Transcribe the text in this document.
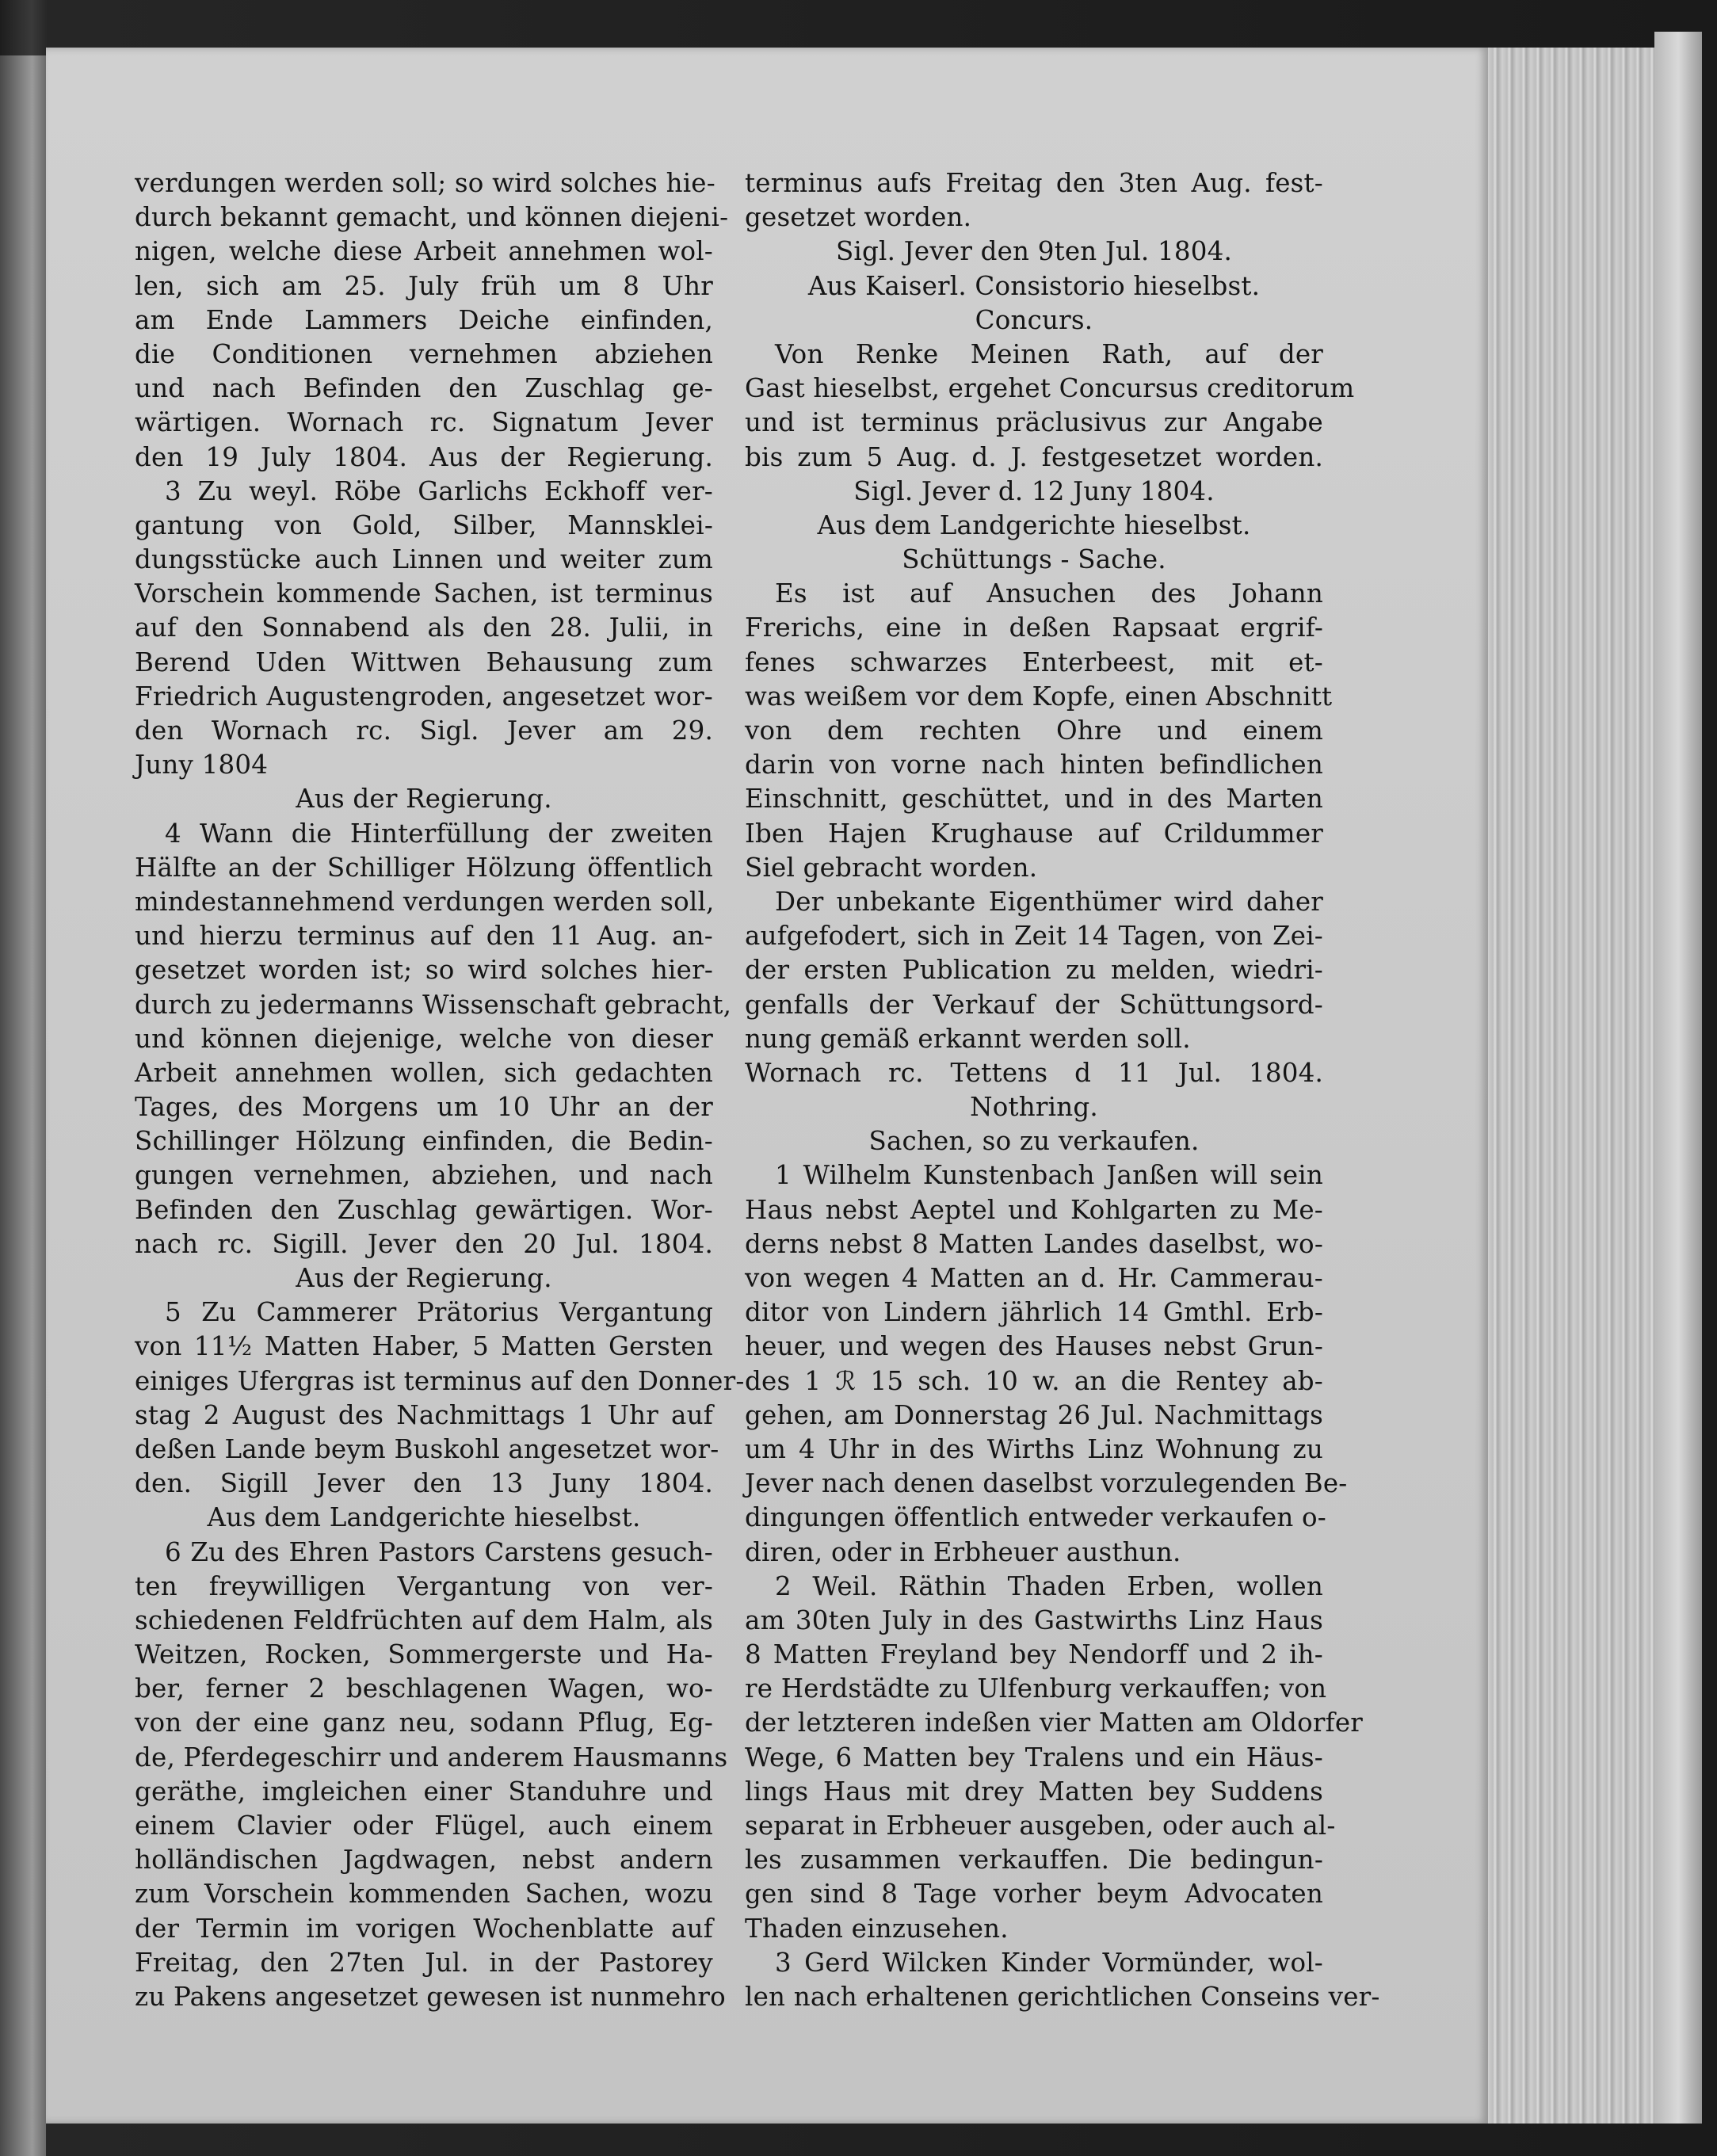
verdungen werden soll; so wird solches hie-
durch bekannt gemacht, und können diejeni-
nigen, welche diese Arbeit annehmen wol-
len, sich am 25. July früh um 8 Uhr
am Ende Lammers Deiche einfinden,
die Conditionen vernehmen abziehen
und nach Befinden den Zuschlag ge-
wärtigen. Wornach rc. Signatum Jever
den 19 July 1804. Aus der Regierung.
3 Zu weyl. Röbe Garlichs Eckhoff ver-
gantung von Gold, Silber, Mannsklei-
dungsstücke auch Linnen und weiter zum
Vorschein kommende Sachen, ist terminus
auf den Sonnabend als den 28. Julii, in
Berend Uden Wittwen Behausung zum
Friedrich Augustengroden, angesetzet wor-
den Wornach rc. Sigl. Jever am 29.
Juny 1804
Aus der Regierung.
4 Wann die Hinterfüllung der zweiten
Hälfte an der Schilliger Hölzung öffentlich
mindestannehmend verdungen werden soll,
und hierzu terminus auf den 11 Aug. an-
gesetzet worden ist; so wird solches hier-
durch zu jedermanns Wissenschaft gebracht,
und können diejenige, welche von dieser
Arbeit annehmen wollen, sich gedachten
Tages, des Morgens um 10 Uhr an der
Schillinger Hölzung einfinden, die Bedin-
gungen vernehmen, abziehen, und nach
Befinden den Zuschlag gewärtigen. Wor-
nach rc. Sigill. Jever den 20 Jul. 1804.
Aus der Regierung.
5 Zu Cammerer Prätorius Vergantung
von 11½ Matten Haber, 5 Matten Gersten
einiges Ufergras ist terminus auf den Donner-
stag 2 August des Nachmittags 1 Uhr auf
deßen Lande beym Buskohl angesetzet wor-
den. Sigill Jever den 13 Juny 1804.
Aus dem Landgerichte hieselbst.
6 Zu des Ehren Pastors Carstens gesuch-
ten freywilligen Vergantung von ver-
schiedenen Feldfrüchten auf dem Halm, als
Weitzen, Rocken, Sommergerste und Ha-
ber, ferner 2 beschlagenen Wagen, wo-
von der eine ganz neu, sodann Pflug, Eg-
de, Pferdegeschirr und anderem Hausmanns
geräthe, imgleichen einer Standuhre und
einem Clavier oder Flügel, auch einem
holländischen Jagdwagen, nebst andern
zum Vorschein kommenden Sachen, wozu
der Termin im vorigen Wochenblatte auf
Freitag, den 27ten Jul. in der Pastorey
zu Pakens angesetzet gewesen ist nunmehro
terminus aufs Freitag den 3ten Aug. fest-
gesetzet worden.
Sigl. Jever den 9ten Jul. 1804.
Aus Kaiserl. Consistorio hieselbst.
Concurs.
Von Renke Meinen Rath, auf der
Gast hieselbst, ergehet Concursus creditorum
und ist terminus präclusivus zur Angabe
bis zum 5 Aug. d. J. festgesetzet worden.
Sigl. Jever d. 12 Juny 1804.
Aus dem Landgerichte hieselbst.
Schüttungs - Sache.
Es ist auf Ansuchen des Johann
Frerichs, eine in deßen Rapsaat ergrif-
fenes schwarzes Enterbeest, mit et-
was weißem vor dem Kopfe, einen Abschnitt
von dem rechten Ohre und einem
darin von vorne nach hinten befindlichen
Einschnitt, geschüttet, und in des Marten
Iben Hajen Krughause auf Crildummer
Siel gebracht worden.
Der unbekante Eigenthümer wird daher
aufgefodert, sich in Zeit 14 Tagen, von Zei-
der ersten Publication zu melden, wiedri-
genfalls der Verkauf der Schüttungsord-
nung gemäß erkannt werden soll.
Wornach rc. Tettens d 11 Jul. 1804.
Nothring.
Sachen, so zu verkaufen.
1 Wilhelm Kunstenbach Janßen will sein
Haus nebst Aeptel und Kohlgarten zu Me-
derns nebst 8 Matten Landes daselbst, wo-
von wegen 4 Matten an d. Hr. Cammerau-
ditor von Lindern jährlich 14 Gmthl. Erb-
heuer, und wegen des Hauses nebst Grun-
des 1 ℛ 15 sch. 10 w. an die Rentey ab-
gehen, am Donnerstag 26 Jul. Nachmittags
um 4 Uhr in des Wirths Linz Wohnung zu
Jever nach denen daselbst vorzulegenden Be-
dingungen öffentlich entweder verkaufen o-
diren, oder in Erbheuer austhun.
2 Weil. Räthin Thaden Erben, wollen
am 30ten July in des Gastwirths Linz Haus
8 Matten Freyland bey Nendorff und 2 ih-
re Herdstädte zu Ulfenburg verkauffen; von
der letzteren indeßen vier Matten am Oldorfer
Wege, 6 Matten bey Tralens und ein Häus-
lings Haus mit drey Matten bey Suddens
separat in Erbheuer ausgeben, oder auch al-
les zusammen verkauffen. Die bedingun-
gen sind 8 Tage vorher beym Advocaten
Thaden einzusehen.
3 Gerd Wilcken Kinder Vormünder, wol-
len nach erhaltenen gerichtlichen Conseins ver-
